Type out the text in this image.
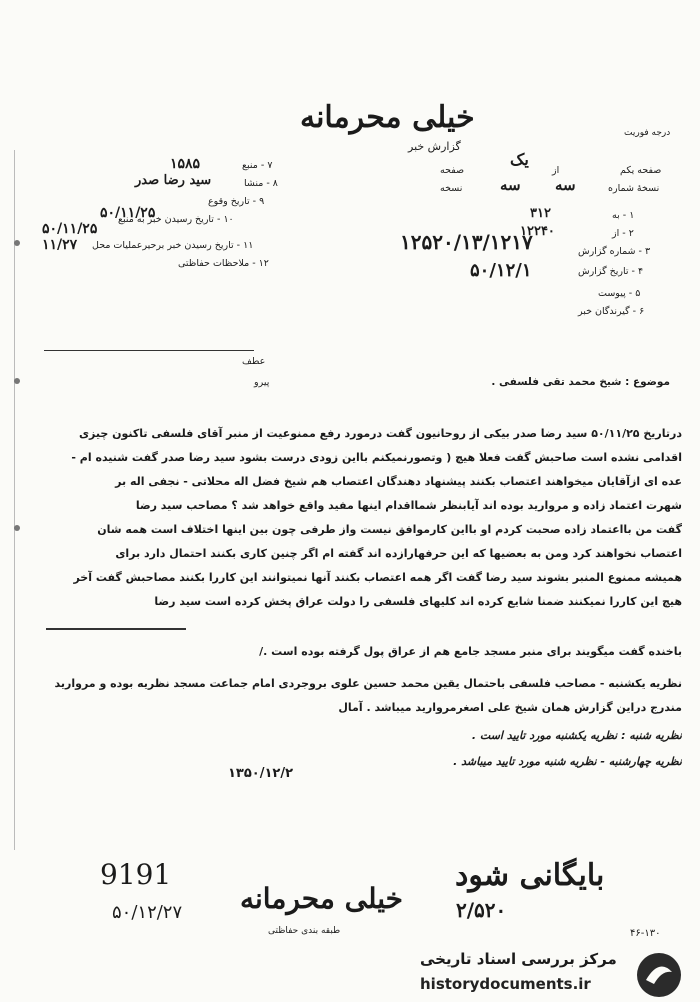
خیلی محرمانه
گزارش خبر
درجه فوریت
صفحه یکم
از
یک
صفحه
نسخهٔ شماره
سه
سه
نسخه
۱ - به
۳۱۲
۲ - از
۱۲۲۴۰
۳ - شماره گزارش
۱۲۵۲۰/۱۳/۱۲۱۷
۴ - تاریخ گزارش
۵۰/۱۲/۱
۵ - پیوست
۶ - گیرندگان خبر
۷ - منبع
۱۵۸۵
۸ - منشا
سید رضا صدر
۹ - تاریخ وقوع
۵۰/۱۱/۲۵
۱۰ - تاریخ رسیدن خبر به منبع
۵۰/۱۱/۲۵
۱۱ - تاریخ رسیدن خبر برحیرعملیات محل
۱۱/۲۷
۱۲ - ملاحظات حفاظتی
عطف
پیرو	موضوع : شیخ محمد تقی فلسفی .
درتاریخ ۵۰/۱۱/۲۵ سید رضا صدر بیکی از روحانیون گفت درمورد رفع ممنوعیت از منبر آقای فلسفی تاکنون چیزی
اقدامی نشده است صاحبش گفت فعلا هیچ ( وتصورنمیکنم بااین زودی درست بشود سید رضا صدر گفت شنیده ام -
عده ای ازآقایان میخواهند اعتصاب بکنند پیشنهاد دهندگان اعتصاب هم شیخ فضل اله محلاتی - نجفی اله بر
شهرت اعتماد زاده و مروارید بوده اند آیابنظر شمااقدام اینها مفید واقع خواهد شد ؟ مصاحب سید رضا
گفت من بااعتماد زاده صحبت کردم او بااین کارموافق نیست واز طرفی چون بین اینها اختلاف است همه شان
اعتصاب نخواهند کرد ومن به بعضیها که این حرفهارازده اند گفته ام اگر چنین کاری بکنند احتمال دارد برای
همیشه ممنوع المنبر بشوند سید رضا گفت اگر همه اعتصاب بکنند آنها نمیتوانند این کاررا بکنند مصاحبش گفت آخر
هیچ این کاررا نمیکنند ضمنا شایع کرده اند کلیهای فلسفی را دولت عراق پخش کرده است سید رضا
باخنده گفت میگویند برای منبر مسجد جامع هم از عراق پول گرفته بوده است ./
نظریه یکشنبه - مصاحب فلسفی باحتمال یقین محمد حسین علوی بروجردی امام جماعت مسجد نظریه بوده و مروارید
مندرج دراین گزارش همان شیخ علی اصغرمروارید میباشد . آمال
نظریه شنبه : نظریه یکشنبه مورد تایید است .
نظریه چهارشنبه - نظریه شنبه مورد تایید میباشد .
۱۳۵۰/۱۲/۲
بایگانی شود
خیلی محرمانه
طبقه بندی حفاظتی
۲/۵۲۰
9191
۵۰/۱۲/۲۷
۴۶-۱۳۰
مرکز بررسی اسناد تاریخی
historydocuments.ir
